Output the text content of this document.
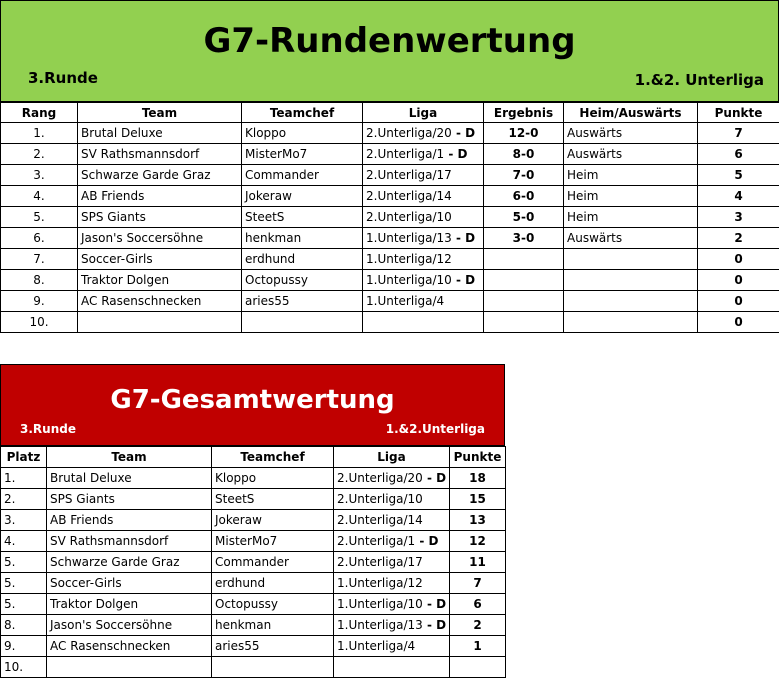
G7-Rundenwertung
3.Runde	1.&2. Unterliga
Rang	Team	Teamchef	Liga	Ergebnis	Heim/Auswärts	Punkte
1.	Brutal Deluxe	Kloppo	2.Unterliga/20 - D	12-0	Auswärts	7
2.	SV Rathsmannsdorf	MisterMo7	2.Unterliga/1 - D	8-0	Auswärts	6
3.	Schwarze Garde Graz	Commander	2.Unterliga/17	7-0	Heim	5
4.	AB Friends	Jokeraw	2.Unterliga/14	6-0	Heim	4
5.	SPS Giants	SteetS	2.Unterliga/10	5-0	Heim	3
6.	Jason's Soccersöhne	henkman	1.Unterliga/13 - D	3-0	Auswärts	2
7.	Soccer-Girls	erdhund	1.Unterliga/12			0
8.	Traktor Dolgen	Octopussy	1.Unterliga/10 - D			0
9.	AC Rasenschnecken	aries55	1.Unterliga/4			0
10.						0
G7-Gesamtwertung
3.Runde	1.&2.Unterliga
Platz	Team	Teamchef	Liga	Punkte
1.	Brutal Deluxe	Kloppo	2.Unterliga/20 - D	18
2.	SPS Giants	SteetS	2.Unterliga/10	15
3.	AB Friends	Jokeraw	2.Unterliga/14	13
4.	SV Rathsmannsdorf	MisterMo7	2.Unterliga/1 - D	12
5.	Schwarze Garde Graz	Commander	2.Unterliga/17	11
5.	Soccer-Girls	erdhund	1.Unterliga/12	7
5.	Traktor Dolgen	Octopussy	1.Unterliga/10 - D	6
8.	Jason's Soccersöhne	henkman	1.Unterliga/13 - D	2
9.	AC Rasenschnecken	aries55	1.Unterliga/4	1
10.				
